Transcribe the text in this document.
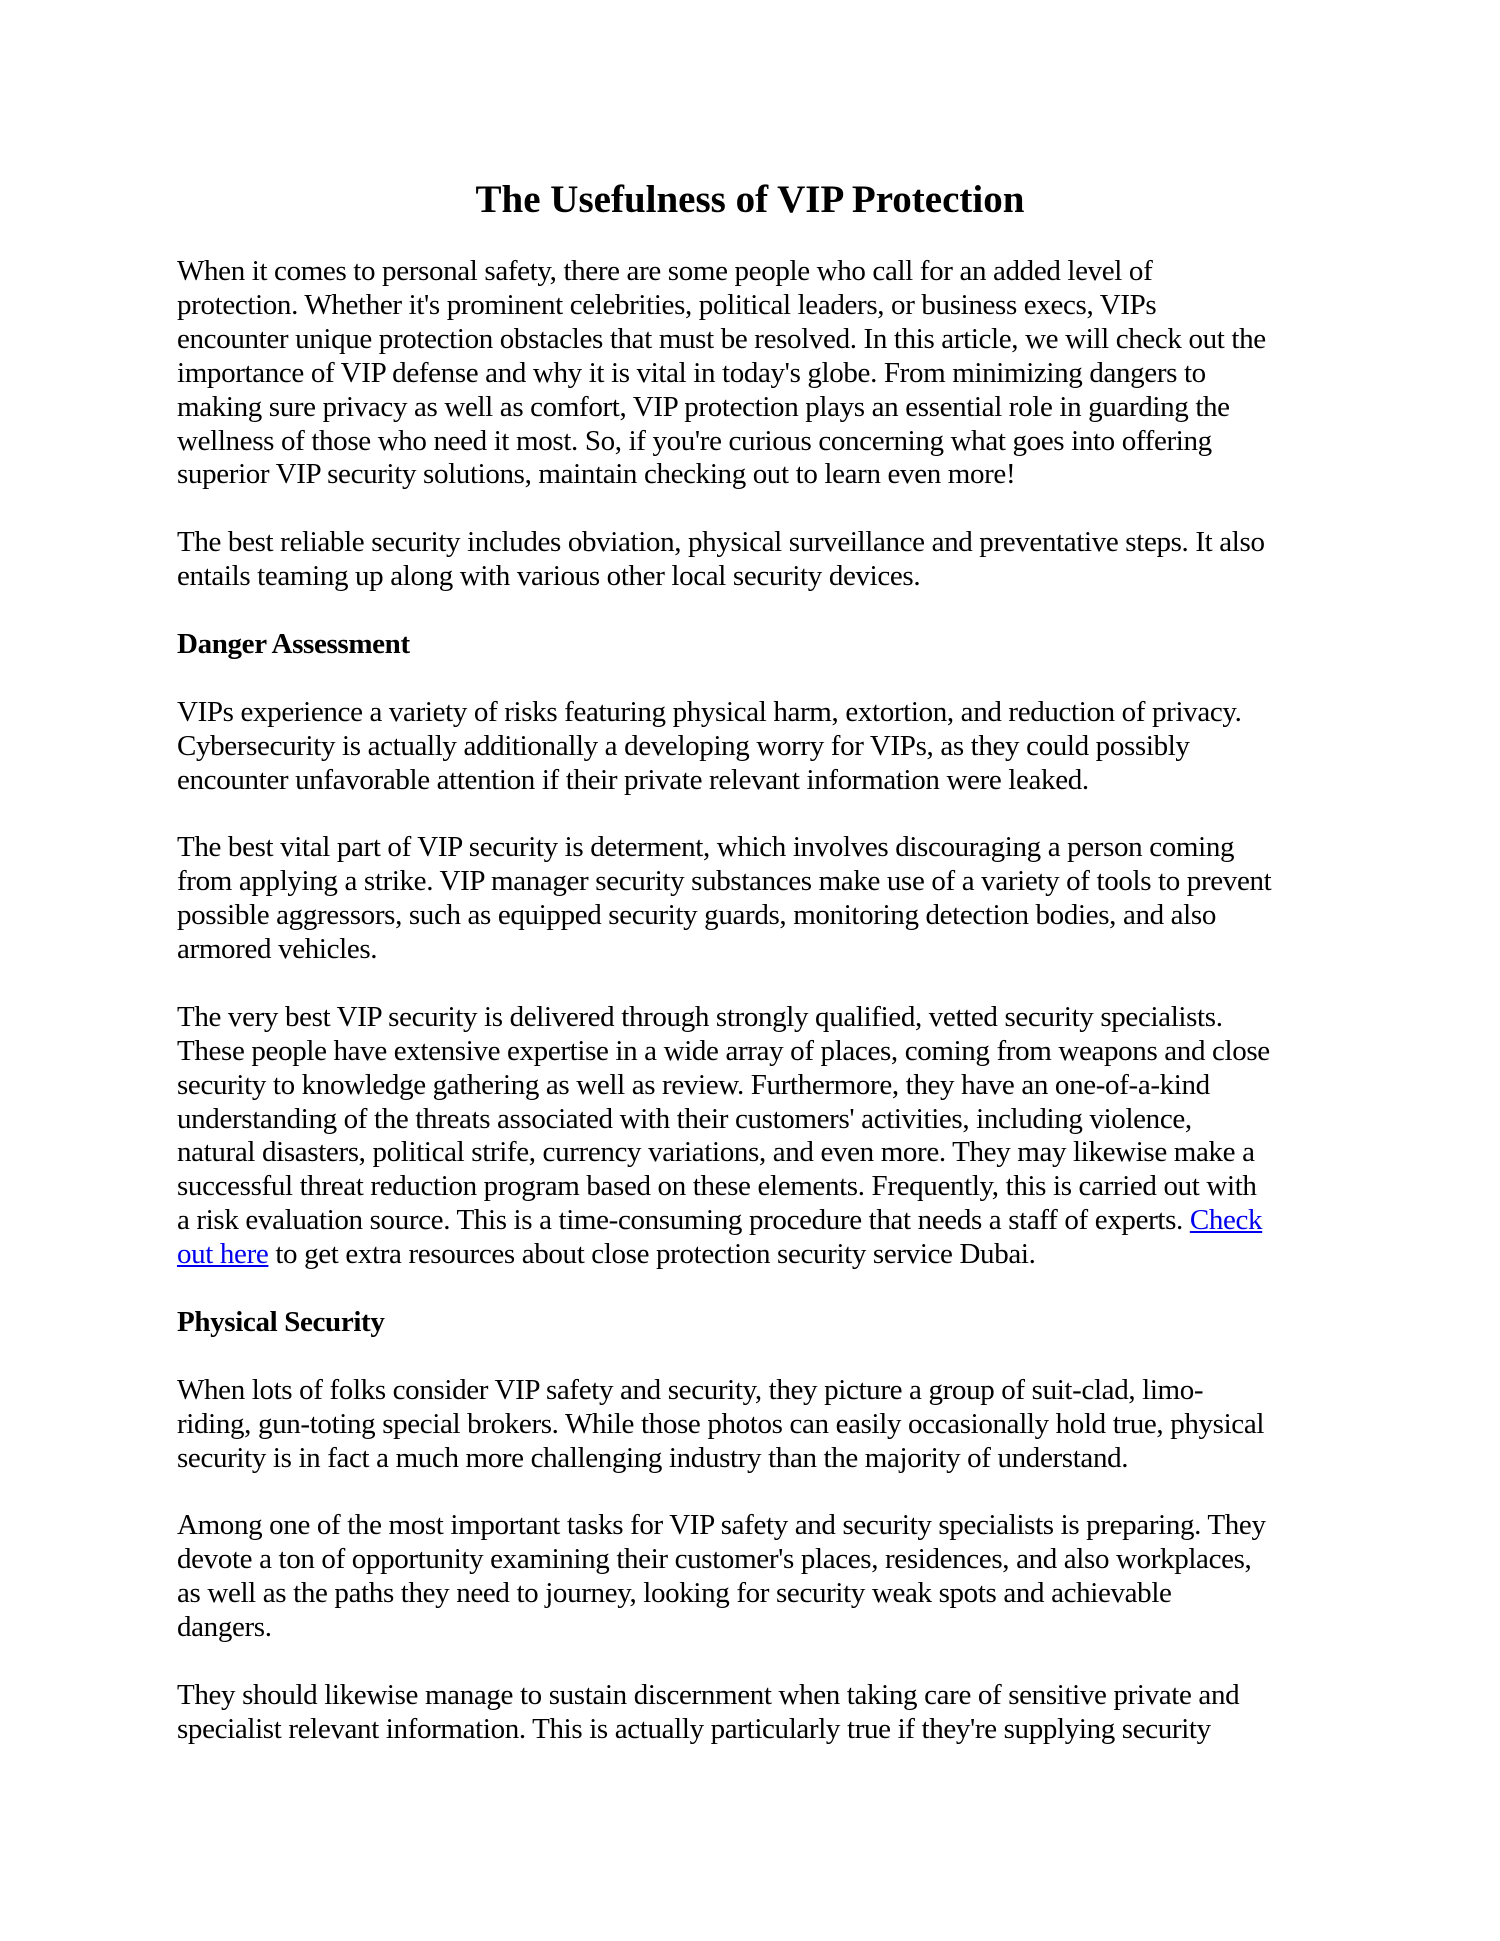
The Usefulness of VIP Protection

When it comes to personal safety, there are some people who call for an added level of
protection. Whether it's prominent celebrities, political leaders, or business execs, VIPs
encounter unique protection obstacles that must be resolved. In this article, we will check out the
importance of VIP defense and why it is vital in today's globe. From minimizing dangers to
making sure privacy as well as comfort, VIP protection plays an essential role in guarding the
wellness of those who need it most. So, if you're curious concerning what goes into offering
superior VIP security solutions, maintain checking out to learn even more!

The best reliable security includes obviation, physical surveillance and preventative steps. It also
entails teaming up along with various other local security devices.

Danger Assessment

VIPs experience a variety of risks featuring physical harm, extortion, and reduction of privacy.
Cybersecurity is actually additionally a developing worry for VIPs, as they could possibly
encounter unfavorable attention if their private relevant information were leaked.

The best vital part of VIP security is determent, which involves discouraging a person coming
from applying a strike. VIP manager security substances make use of a variety of tools to prevent
possible aggressors, such as equipped security guards, monitoring detection bodies, and also
armored vehicles.

The very best VIP security is delivered through strongly qualified, vetted security specialists.
These people have extensive expertise in a wide array of places, coming from weapons and close
security to knowledge gathering as well as review. Furthermore, they have an one-of-a-kind
understanding of the threats associated with their customers' activities, including violence,
natural disasters, political strife, currency variations, and even more. They may likewise make a
successful threat reduction program based on these elements. Frequently, this is carried out with
a risk evaluation source. This is a time-consuming procedure that needs a staff of experts. Check
out here to get extra resources about close protection security service Dubai.

Physical Security

When lots of folks consider VIP safety and security, they picture a group of suit-clad, limo-
riding, gun-toting special brokers. While those photos can easily occasionally hold true, physical
security is in fact a much more challenging industry than the majority of understand.

Among one of the most important tasks for VIP safety and security specialists is preparing. They
devote a ton of opportunity examining their customer's places, residences, and also workplaces,
as well as the paths they need to journey, looking for security weak spots and achievable
dangers.

They should likewise manage to sustain discernment when taking care of sensitive private and
specialist relevant information. This is actually particularly true if they're supplying security
